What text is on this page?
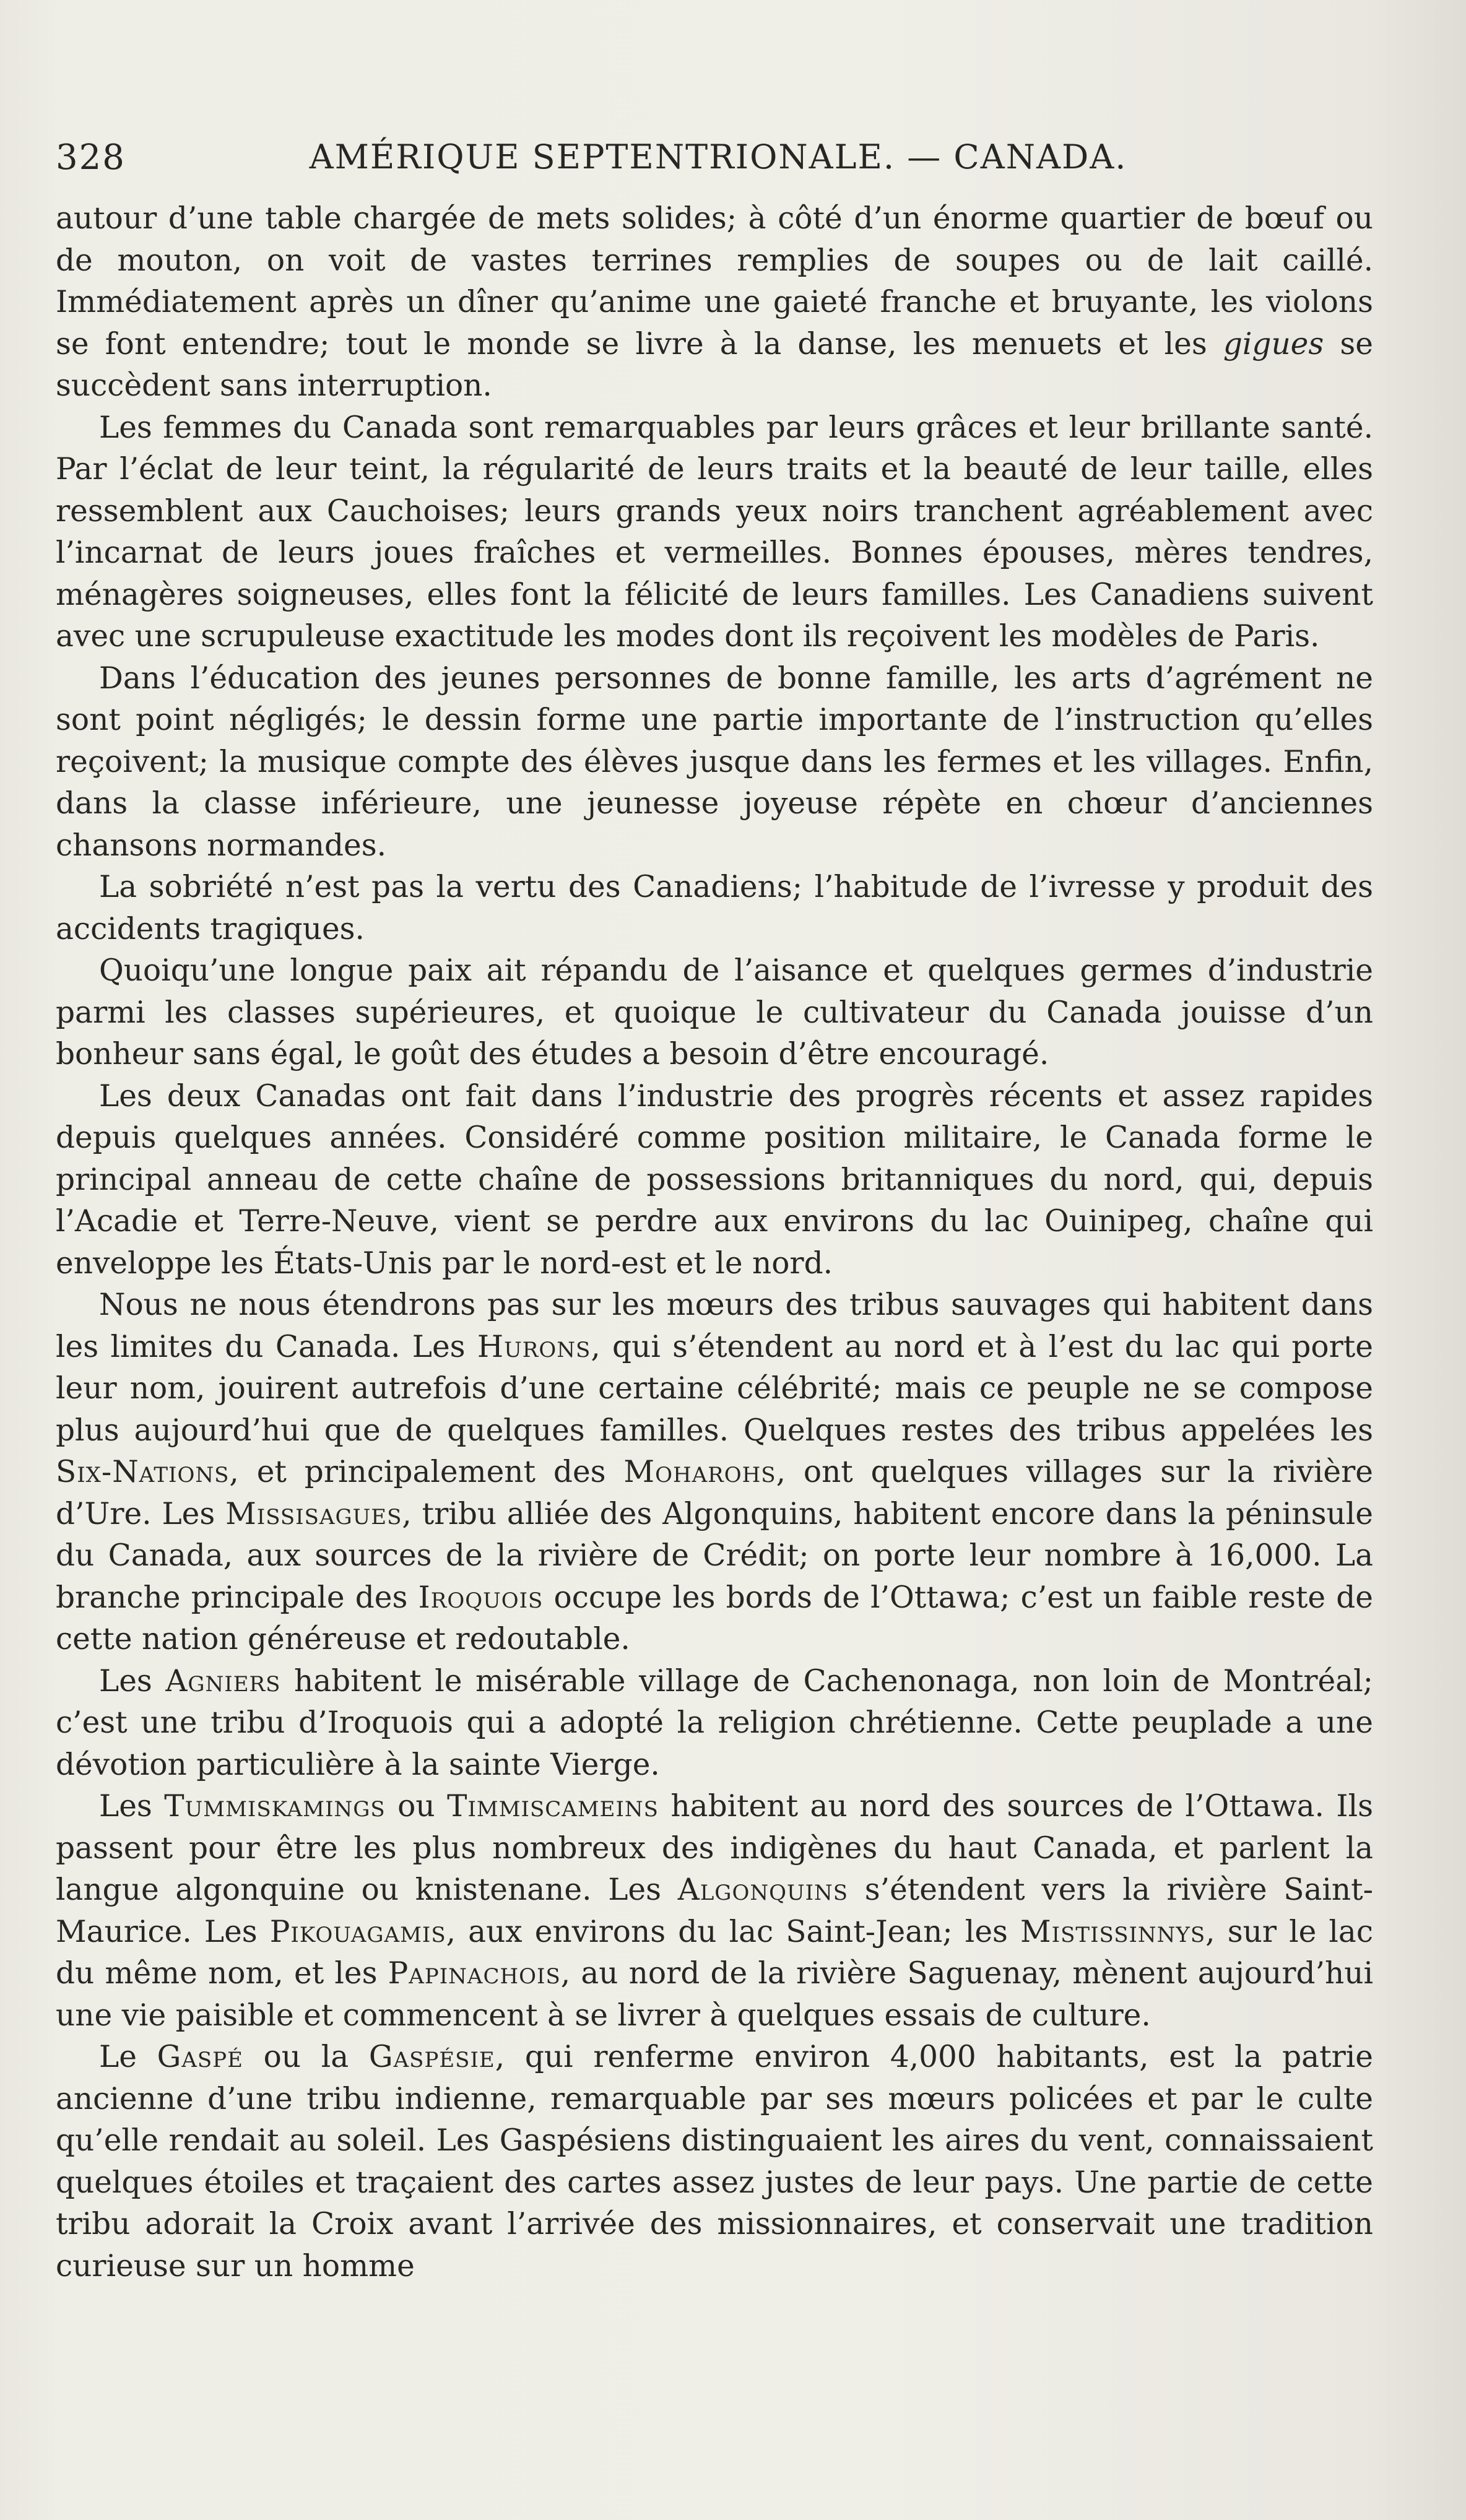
328	AMÉRIQUE SEPTENTRIONALE. — CANADA.

autour d’une table chargée de mets solides; à côté d’un énorme quartier de bœuf ou de mouton, on voit de vastes terrines remplies de soupes ou de lait caillé. Immédiatement après un dîner qu’anime une gaieté franche et bruyante, les violons se font entendre; tout le monde se livre à la danse, les menuets et les gigues se succèdent sans interruption.

Les femmes du Canada sont remarquables par leurs grâces et leur brillante santé. Par l’éclat de leur teint, la régularité de leurs traits et la beauté de leur taille, elles ressemblent aux Cauchoises; leurs grands yeux noirs tranchent agréablement avec l’incarnat de leurs joues fraîches et vermeilles. Bonnes épouses, mères tendres, ménagères soigneuses, elles font la félicité de leurs familles. Les Canadiens suivent avec une scrupuleuse exactitude les modes dont ils reçoivent les modèles de Paris.

Dans l’éducation des jeunes personnes de bonne famille, les arts d’agrément ne sont point négligés; le dessin forme une partie importante de l’instruction qu’elles reçoivent; la musique compte des élèves jusque dans les fermes et les villages. Enfin, dans la classe inférieure, une jeunesse joyeuse répète en chœur d’anciennes chansons normandes.

La sobriété n’est pas la vertu des Canadiens; l’habitude de l’ivresse y produit des accidents tragiques.

Quoiqu’une longue paix ait répandu de l’aisance et quelques germes d’industrie parmi les classes supérieures, et quoique le cultivateur du Canada jouisse d’un bonheur sans égal, le goût des études a besoin d’être encouragé.

Les deux Canadas ont fait dans l’industrie des progrès récents et assez rapides depuis quelques années. Considéré comme position militaire, le Canada forme le principal anneau de cette chaîne de possessions britanniques du nord, qui, depuis l’Acadie et Terre-Neuve, vient se perdre aux environs du lac Ouinipeg, chaîne qui enveloppe les États-Unis par le nord-est et le nord.

Nous ne nous étendrons pas sur les mœurs des tribus sauvages qui habitent dans les limites du Canada. Les Hurons, qui s’étendent au nord et à l’est du lac qui porte leur nom, jouirent autrefois d’une certaine célébrité; mais ce peuple ne se compose plus aujourd’hui que de quelques familles. Quelques restes des tribus appelées les Six-Nations, et principalement des Moharohs, ont quelques villages sur la rivière d’Ure. Les Missisagues, tribu alliée des Algonquins, habitent encore dans la péninsule du Canada, aux sources de la rivière de Crédit; on porte leur nombre à 16,000. La branche principale des Iroquois occupe les bords de l’Ottawa; c’est un faible reste de cette nation généreuse et redoutable.

Les Agniers habitent le misérable village de Cachenonaga, non loin de Montréal; c’est une tribu d’Iroquois qui a adopté la religion chrétienne. Cette peuplade a une dévotion particulière à la sainte Vierge.

Les Tummiskamings ou Timmiscameins habitent au nord des sources de l’Ottawa. Ils passent pour être les plus nombreux des indigènes du haut Canada, et parlent la langue algonquine ou knistenane. Les Algonquins s’étendent vers la rivière Saint-Maurice. Les Pikouagamis, aux environs du lac Saint-Jean; les Mistissinnys, sur le lac du même nom, et les Papinachois, au nord de la rivière Saguenay, mènent aujourd’hui une vie paisible et commencent à se livrer à quelques essais de culture.

Le Gaspé ou la Gaspésie, qui renferme environ 4,000 habitants, est la patrie ancienne d’une tribu indienne, remarquable par ses mœurs policées et par le culte qu’elle rendait au soleil. Les Gaspésiens distinguaient les aires du vent, connaissaient quelques étoiles et traçaient des cartes assez justes de leur pays. Une partie de cette tribu adorait la Croix avant l’arrivée des missionnaires, et conservait une tradition curieuse sur un homme
